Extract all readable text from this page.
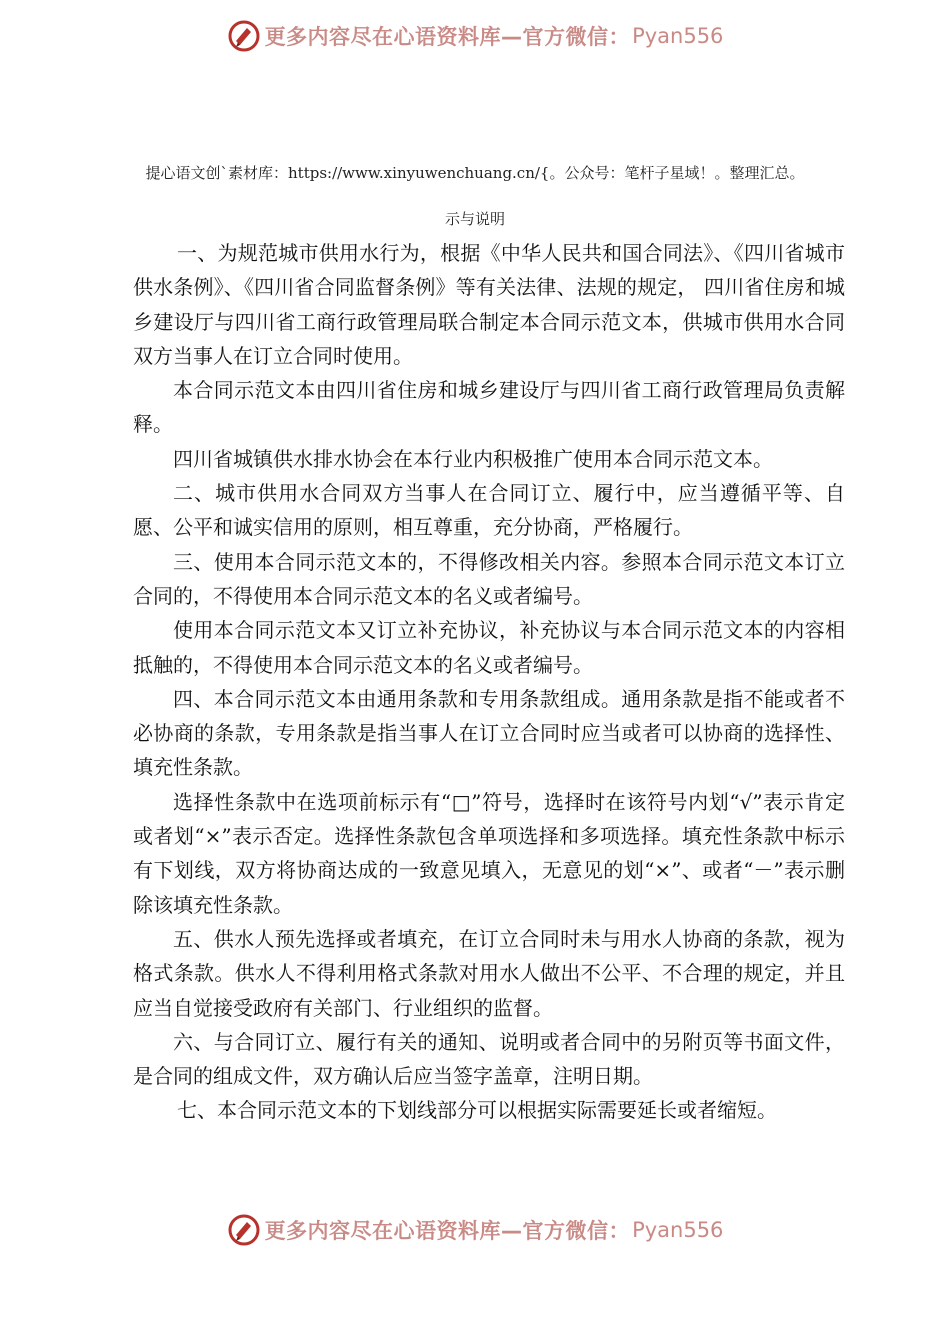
更多内容尽在心语资料库—官方微信： Pyan556
提心语文创`素材库：https://www.xinyuwenchuang.cn/{。公众号：笔杆子星域！。整理汇总。
示与说明

一、为规范城市供用水行为，根据《中华人民共和国合同法》、《四川省城市供水条例》、《四川省合同监督条例》等有关法律、法规的规定， 四川省住房和城乡建设厅与四川省工商行政管理局联合制定本合同示范文本，供城市供用水合同双方当事人在订立合同时使用。

本合同示范文本由四川省住房和城乡建设厅与四川省工商行政管理局负责解释。

四川省城镇供水排水协会在本行业内积极推广使用本合同示范文本。

二、城市供用水合同双方当事人在合同订立、履行中，应当遵循平等、自愿、公平和诚实信用的原则，相互尊重，充分协商，严格履行。

三、使用本合同示范文本的，不得修改相关内容。参照本合同示范文本订立合同的，不得使用本合同示范文本的名义或者编号。

使用本合同示范文本又订立补充协议，补充协议与本合同示范文本的内容相抵触的，不得使用本合同示范文本的名义或者编号。

四、本合同示范文本由通用条款和专用条款组成。通用条款是指不能或者不必协商的条款，专用条款是指当事人在订立合同时应当或者可以协商的选择性、填充性条款。

选择性条款中在选项前标示有“□”符号，选择时在该符号内划“√”表示肯定或者划“×”表示否定。选择性条款包含单项选择和多项选择。填充性条款中标示有下划线，双方将协商达成的一致意见填入，无意见的划“×”、或者“－”表示删除该填充性条款。

五、供水人预先选择或者填充，在订立合同时未与用水人协商的条款，视为格式条款。供水人不得利用格式条款对用水人做出不公平、不合理的规定，并且应当自觉接受政府有关部门、行业组织的监督。

六、与合同订立、履行有关的通知、说明或者合同中的另附页等书面文件，是合同的组成文件，双方确认后应当签字盖章，注明日期。

七、本合同示范文本的下划线部分可以根据实际需要延长或者缩短。

更多内容尽在心语资料库—官方微信： Pyan556
